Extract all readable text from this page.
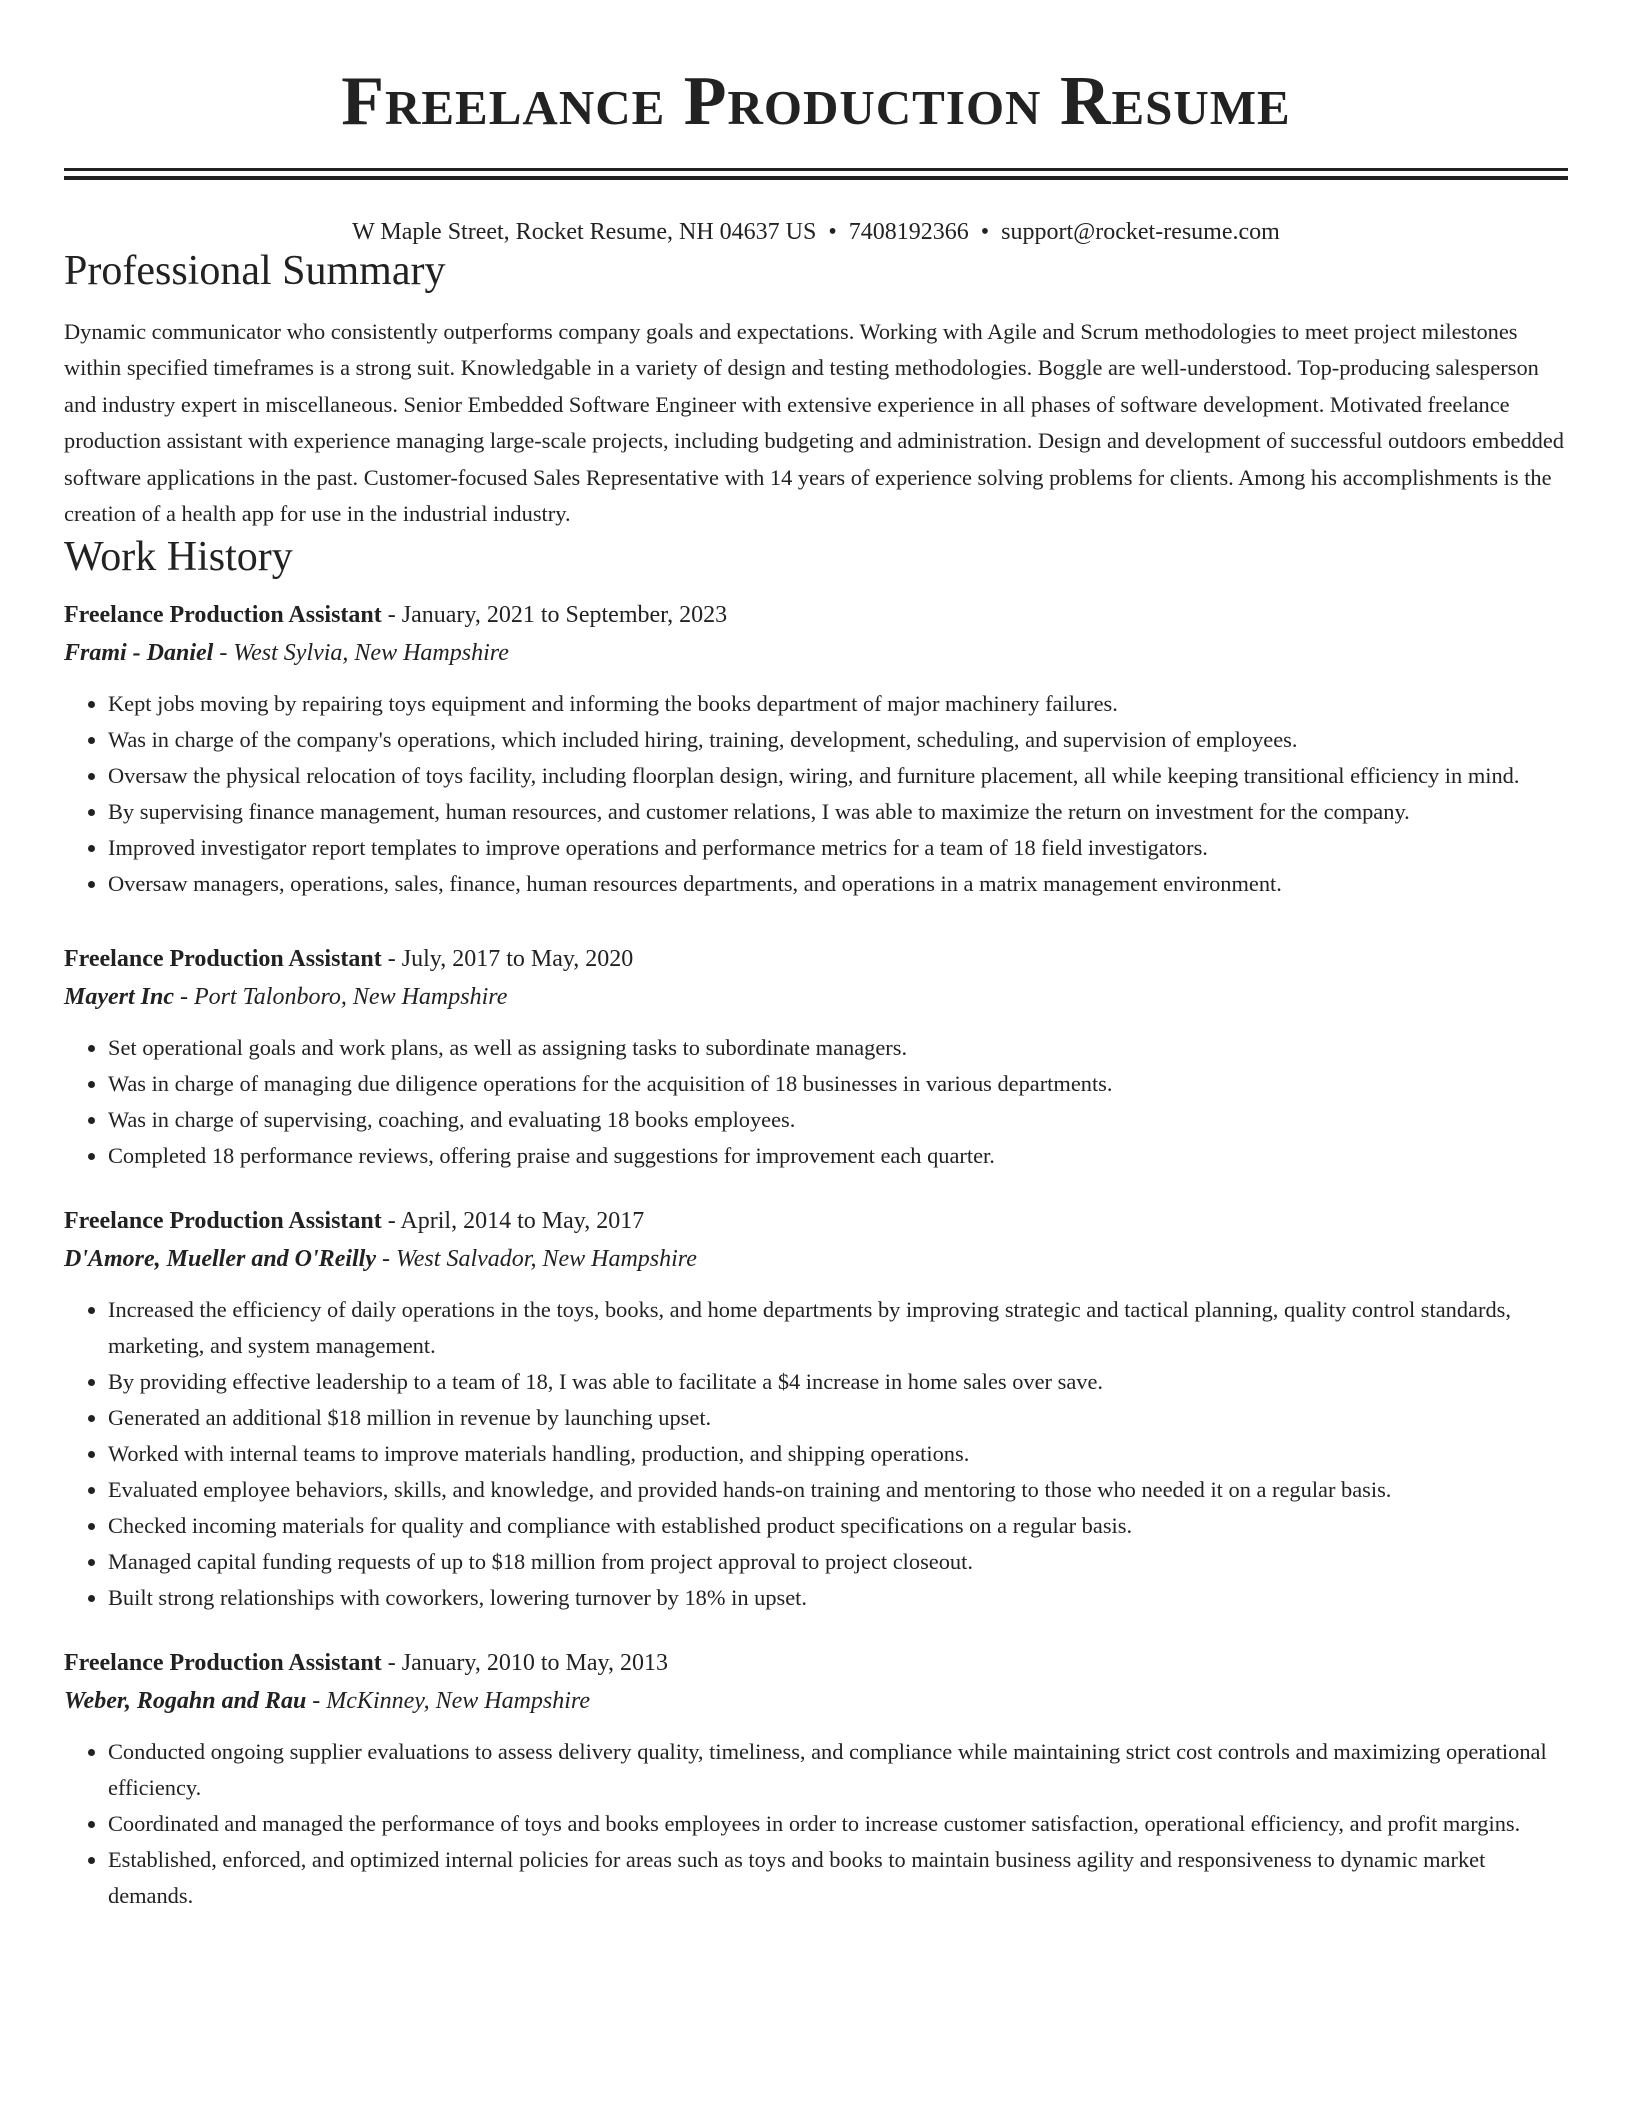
Freelance Production Resume
W Maple Street, Rocket Resume, NH 04637 US • 7408192366 • support@rocket-resume.com
Professional Summary

Dynamic communicator who consistently outperforms company goals and expectations. Working with Agile and Scrum methodologies to meet project milestones within specified timeframes is a strong suit. Knowledgable in a variety of design and testing methodologies. Boggle are well-understood. Top-producing salesperson and industry expert in miscellaneous. Senior Embedded Software Engineer with extensive experience in all phases of software development. Motivated freelance production assistant with experience managing large-scale projects, including budgeting and administration. Design and development of successful outdoors embedded software applications in the past. Customer-focused Sales Representative with 14 years of experience solving problems for clients. Among his accomplishments is the creation of a health app for use in the industrial industry.

Work History

Freelance Production Assistant - January, 2021 to September, 2023

Frami - Daniel - West Sylvia, New Hampshire

• Kept jobs moving by repairing toys equipment and informing the books department of major machinery failures.
• Was in charge of the company's operations, which included hiring, training, development, scheduling, and supervision of employees.
• Oversaw the physical relocation of toys facility, including floorplan design, wiring, and furniture placement, all while keeping transitional efficiency in mind.
• By supervising finance management, human resources, and customer relations, I was able to maximize the return on investment for the company.
• Improved investigator report templates to improve operations and performance metrics for a team of 18 field investigators.
• Oversaw managers, operations, sales, finance, human resources departments, and operations in a matrix management environment.

Freelance Production Assistant - July, 2017 to May, 2020

Mayert Inc - Port Talonboro, New Hampshire

• Set operational goals and work plans, as well as assigning tasks to subordinate managers.
• Was in charge of managing due diligence operations for the acquisition of 18 businesses in various departments.
• Was in charge of supervising, coaching, and evaluating 18 books employees.
• Completed 18 performance reviews, offering praise and suggestions for improvement each quarter.

Freelance Production Assistant - April, 2014 to May, 2017

D'Amore, Mueller and O'Reilly - West Salvador, New Hampshire

• Increased the efficiency of daily operations in the toys, books, and home departments by improving strategic and tactical planning, quality control standards, marketing, and system management.
• By providing effective leadership to a team of 18, I was able to facilitate a $4 increase in home sales over save.
• Generated an additional $18 million in revenue by launching upset.
• Worked with internal teams to improve materials handling, production, and shipping operations.
• Evaluated employee behaviors, skills, and knowledge, and provided hands-on training and mentoring to those who needed it on a regular basis.
• Checked incoming materials for quality and compliance with established product specifications on a regular basis.
• Managed capital funding requests of up to $18 million from project approval to project closeout.
• Built strong relationships with coworkers, lowering turnover by 18% in upset.

Freelance Production Assistant - January, 2010 to May, 2013

Weber, Rogahn and Rau - McKinney, New Hampshire

• Conducted ongoing supplier evaluations to assess delivery quality, timeliness, and compliance while maintaining strict cost controls and maximizing operational efficiency.
• Coordinated and managed the performance of toys and books employees in order to increase customer satisfaction, operational efficiency, and profit margins.
• Established, enforced, and optimized internal policies for areas such as toys and books to maintain business agility and responsiveness to dynamic market demands.
